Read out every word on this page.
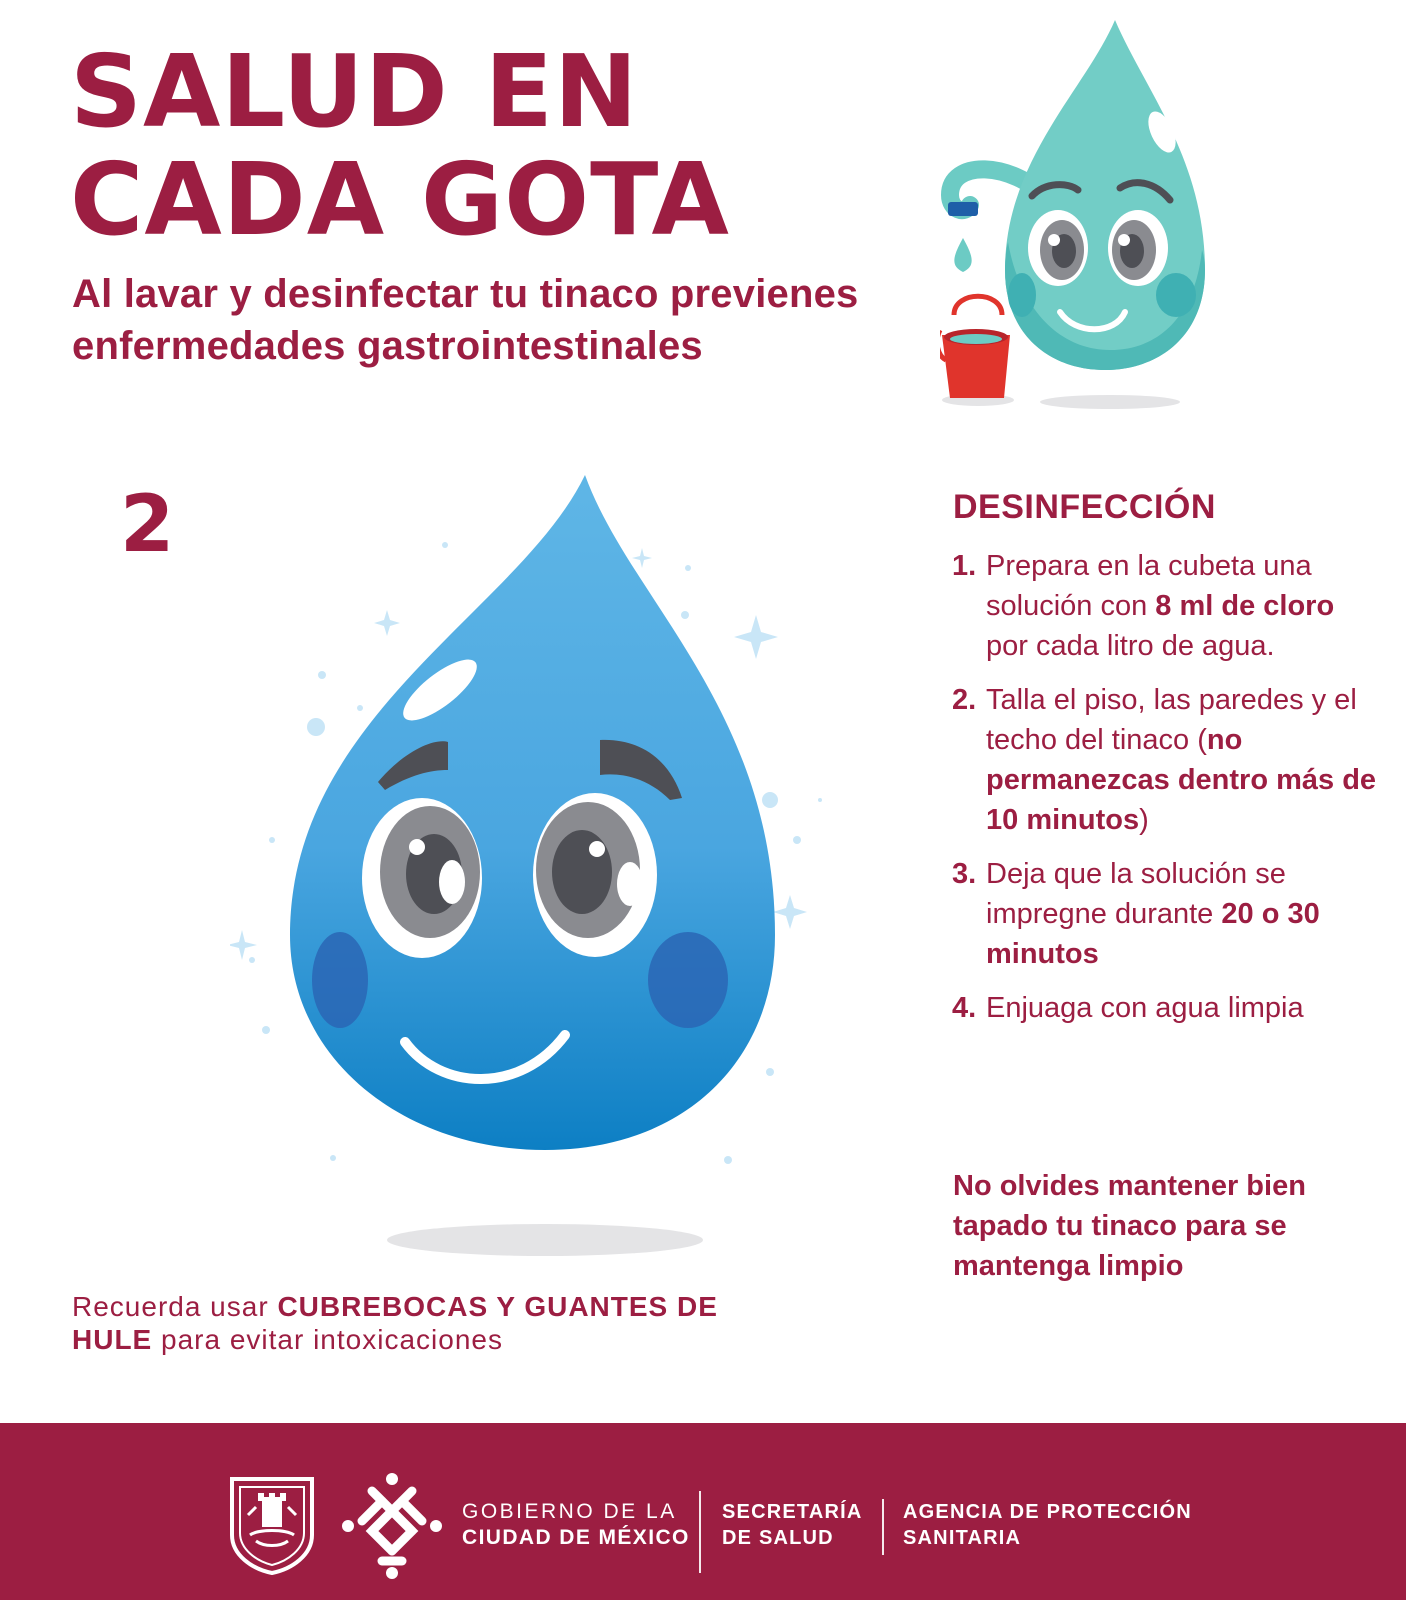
SALUD EN
CADA GOTA

Al lavar y desinfectar tu tinaco previenes
enfermedades gastrointestinales

2	DESINFECCIÓN
1. Prepara en la cubeta una solución con 8 ml de cloro por cada litro de agua.
2. Talla el piso, las paredes y el techo del tinaco (no permanezcas dentro más de 10 minutos)
3. Deja que la solución se impregne durante 20 o 30 minutos
4. Enjuaga con agua limpia

No olvides mantener bien tapado tu tinaco para se mantenga limpio

Recuerda usar CUBREBOCAS Y GUANTES DE HULE para evitar intoxicaciones

GOBIERNO DE LA
CIUDAD DE MÉXICO
SECRETARÍA
DE SALUD
AGENCIA DE PROTECCIÓN
SANITARIA
